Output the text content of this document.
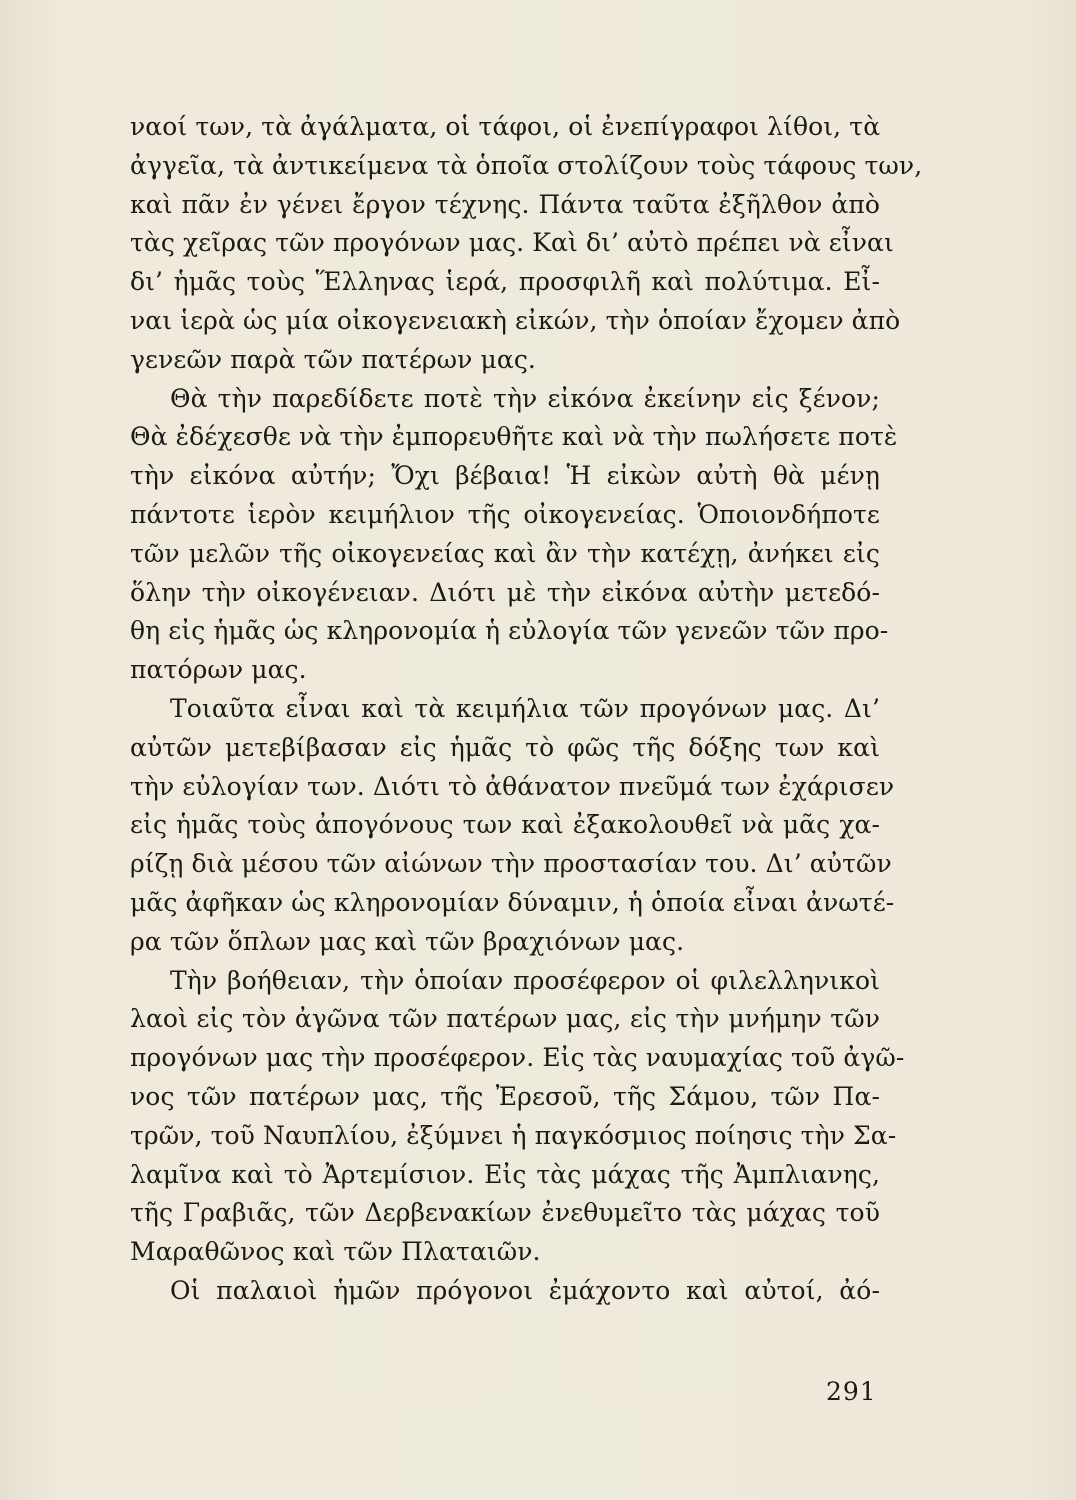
ναοί των, τὰ ἀγάλματα, οἱ τάφοι, οἱ ἐνεπίγραφοι λίθοι, τὰ
ἀγγεῖα, τὰ ἀντικείμενα τὰ ὁποῖα στολίζουν τοὺς τάφους των,
καὶ πᾶν ἐν γένει ἔργον τέχνης. Πάντα ταῦτα ἐξῆλθον ἀπὸ
τὰς χεῖρας τῶν προγόνων μας. Καὶ δι’ αὐτὸ πρέπει νὰ εἶναι
δι’ ἡμᾶς τοὺς Ἕλληνας ἱερά, προσφιλῆ καὶ πολύτιμα. Εἶ-
ναι ἱερὰ ὡς μία οἰκογενειακὴ εἰκών, τὴν ὁποίαν ἔχομεν ἀπὸ
γενεῶν παρὰ τῶν πατέρων μας.
Θὰ τὴν παρεδίδετε ποτὲ τὴν εἰκόνα ἐκείνην εἰς ξένον;
Θὰ ἐδέχεσθε νὰ τὴν ἐμπορευθῆτε καὶ νὰ τὴν πωλήσετε ποτὲ
τὴν εἰκόνα αὐτήν; Ὄχι βέβαια! Ἡ εἰκὼν αὐτὴ θὰ μένῃ
πάντοτε ἱερὸν κειμήλιον τῆς οἰκογενείας. Ὁποιονδήποτε
τῶν μελῶν τῆς οἰκογενείας καὶ ἂν τὴν κατέχῃ, ἀνήκει εἰς
ὅλην τὴν οἰκογένειαν. Διότι μὲ τὴν εἰκόνα αὐτὴν μετεδό-
θη εἰς ἡμᾶς ὡς κληρονομία ἡ εὐλογία τῶν γενεῶν τῶν προ-
πατόρων μας.
Τοιαῦτα εἶναι καὶ τὰ κειμήλια τῶν προγόνων μας. Δι’
αὐτῶν μετεβίβασαν εἰς ἡμᾶς τὸ φῶς τῆς δόξης των καὶ
τὴν εὐλογίαν των. Διότι τὸ ἀθάνατον πνεῦμά των ἐχάρισεν
εἰς ἡμᾶς τοὺς ἀπογόνους των καὶ ἐξακολουθεῖ νὰ μᾶς χα-
ρίζῃ διὰ μέσου τῶν αἰώνων τὴν προστασίαν του. Δι’ αὐτῶν
μᾶς ἀφῆκαν ὡς κληρονομίαν δύναμιν, ἡ ὁποία εἶναι ἀνωτέ-
ρα τῶν ὅπλων μας καὶ τῶν βραχιόνων μας.
Τὴν βοήθειαν, τὴν ὁποίαν προσέφερον οἱ φιλελληνικοὶ
λαοὶ εἰς τὸν ἀγῶνα τῶν πατέρων μας, εἰς τὴν μνήμην τῶν
προγόνων μας τὴν προσέφερον. Εἰς τὰς ναυμαχίας τοῦ ἀγῶ-
νος τῶν πατέρων μας, τῆς Ἐρεσοῦ, τῆς Σάμου, τῶν Πα-
τρῶν, τοῦ Ναυπλίου, ἐξύμνει ἡ παγκόσμιος ποίησις τὴν Σα-
λαμῖνα καὶ τὸ Ἀρτεμίσιον. Εἰς τὰς μάχας τῆς Ἀμπλιανης,
τῆς Γραβιᾶς, τῶν Δερβενακίων ἐνεθυμεῖτο τὰς μάχας τοῦ
Μαραθῶνος καὶ τῶν Πλαταιῶν.
Οἱ παλαιοὶ ἡμῶν πρόγονοι ἐμάχοντο καὶ αὐτοί, ἀό-
291
